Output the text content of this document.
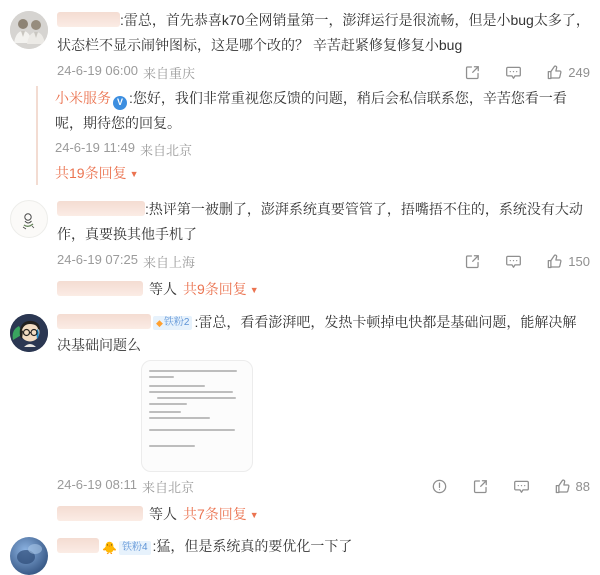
:雷总，首先恭喜k70全网销量第一，澎湃运行是很流畅，但是小bug太多了，状态栏不显示闹钟图标，这是哪个改的？ 辛苦赶紧修复修复小bug
24-6-19 06:00 来自重庆	249
小米服务 V :您好，我们非常重视您反馈的问题，稍后会私信联系您，辛苦您看一看呢，期待您的回复。
24-6-19 11:49 来自北京
共19条回复 ▼
:热评第一被删了，澎湃系统真要管管了，捂嘴捂不住的，系统没有大动作，真要换其他手机了
24-6-19 07:25 来自上海	150
等人 共9条回复 ▼
◆ 铁粉2 :雷总，看看澎湃吧，发热卡顿掉电快都是基础问题，能解决解决基础问题么
24-6-19 08:11 来自北京	88
等人 共7条回复 ▼
🐥 铁粉4 :猛，但是系统真的要优化一下了
